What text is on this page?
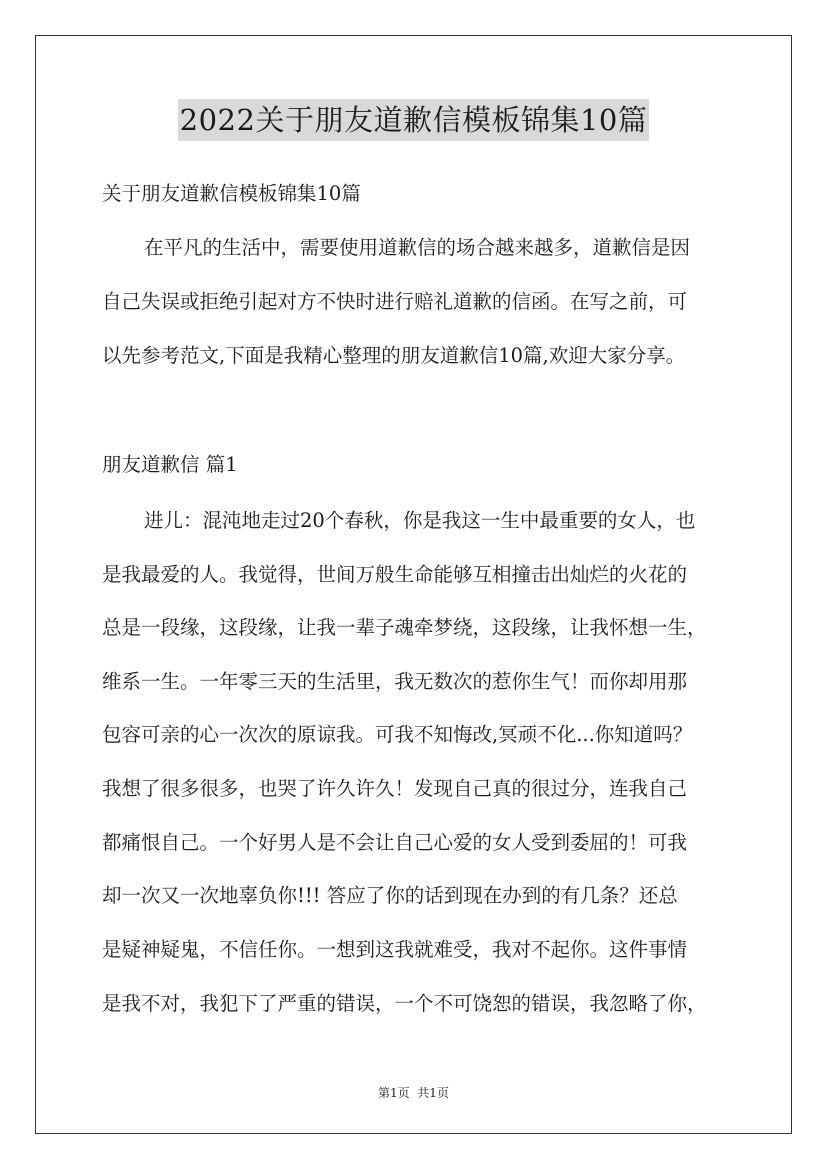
2022关于朋友道歉信模板锦集10篇

关于朋友道歉信模板锦集10篇

在平凡的生活中，需要使用道歉信的场合越来越多，道歉信是因

自己失误或拒绝引起对方不快时进行赔礼道歉的信函。在写之前，可

以先参考范文,下面是我精心整理的朋友道歉信10篇,欢迎大家分享。

朋友道歉信 篇1

进儿：混沌地走过20个春秋，你是我这一生中最重要的女人，也

是我最爱的人。我觉得，世间万般生命能够互相撞击出灿烂的火花的

总是一段缘，这段缘，让我一辈子魂牵梦绕，这段缘，让我怀想一生，

维系一生。一年零三天的生活里，我无数次的惹你生气！而你却用那

包容可亲的心一次次的原谅我。可我不知悔改,冥顽不化...你知道吗？

我想了很多很多，也哭了许久许久！发现自己真的很过分，连我自己

都痛恨自己。一个好男人是不会让自己心爱的女人受到委屈的！可我

却一次又一次地辜负你!!! 答应了你的话到现在办到的有几条？还总

是疑神疑鬼，不信任你。一想到这我就难受，我对不起你。这件事情

是我不对，我犯下了严重的错误，一个不可饶恕的错误，我忽略了你，

第1页  共1页
